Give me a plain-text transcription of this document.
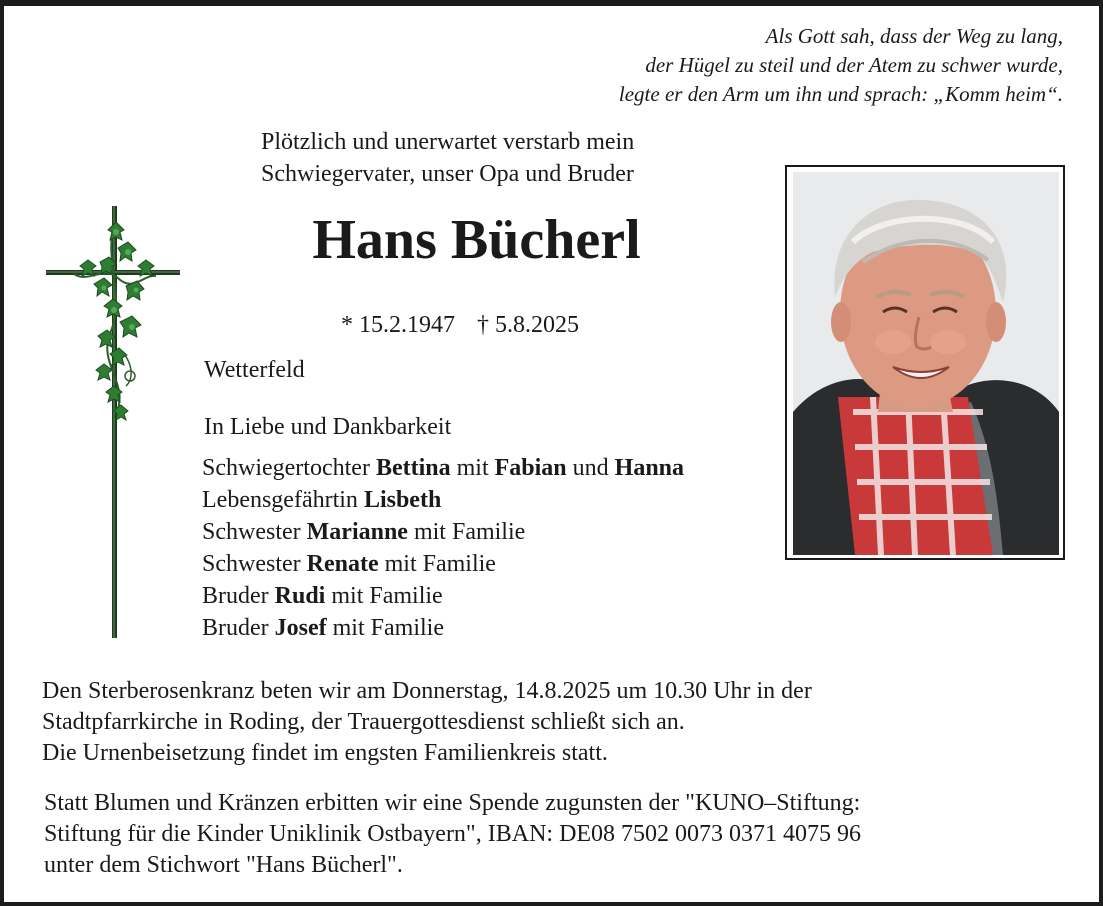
Als Gott sah, dass der Weg zu lang,
der Hügel zu steil und der Atem zu schwer wurde,
legte er den Arm um ihn und sprach: „Komm heim“.
Plötzlich und unerwartet verstarb mein
Schwiegervater, unser Opa und Bruder
Hans Bücherl
* 15.2.1947 † 5.8.2025
Wetterfeld
In Liebe und Dankbarkeit
Schwiegertochter Bettina mit Fabian und Hanna
Lebensgefährtin Lisbeth
Schwester Marianne mit Familie
Schwester Renate mit Familie
Bruder Rudi mit Familie
Bruder Josef mit Familie
Den Sterberosenkranz beten wir am Donnerstag, 14.8.2025 um 10.30 Uhr in der
Stadtpfarrkirche in Roding, der Trauergottesdienst schließt sich an.
Die Urnenbeisetzung findet im engsten Familienkreis statt.
Statt Blumen und Kränzen erbitten wir eine Spende zugunsten der "KUNO–Stiftung:
Stiftung für die Kinder Uniklinik Ostbayern", IBAN: DE08 7502 0073 0371 4075 96
unter dem Stichwort "Hans Bücherl".
